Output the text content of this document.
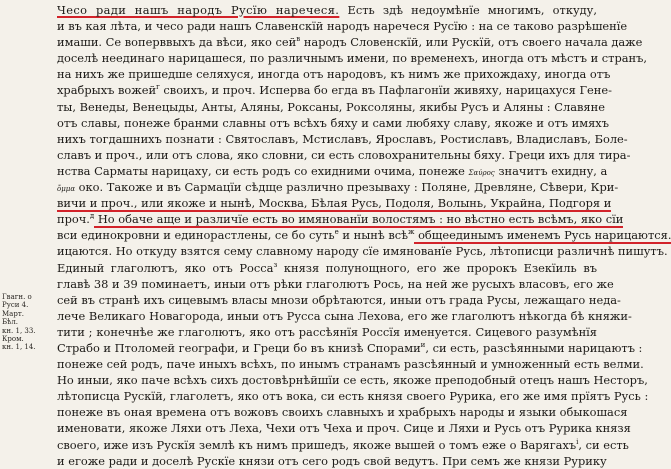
Гвагн. о
Руси 4.
Март.
Бѣл.
кн. 1, 33.
Кром.
кн. 1, 14.
Чесо ради нашъ народъ Русїю наречеся. Есть здѣ недоумѣнїе многимъ, откуду,
и въ кая лѣта, и чесо ради нашъ Славенскїй народъ наречеся Русїю : на се таково разрѣшенїе
имаши. Се воперввыхъ да вѣси, яко сей$^в$ народъ Словенскїй, или Рускїй, отъ своего начала даже
доселѣ неединаго нарицашеся, по различнымъ имени, по временехъ, иногда отъ мѣстъ и странъ,
на нихъ же пришедше селяхуся, иногда отъ народовъ, къ нимъ же прихождаху, иногда отъ
храбрыхъ вожей$^г$ своихъ, и проч. Исперва бо егда въ Пафлагонїи живяху, нарицахуся Гене-
ты, Венеды, Венецыды, Анты, Аляны, Роксаны, Роксоляны, якибы Русъ и Аляны : Славяне
отъ славы, понеже бранми славны отъ всѣхъ бяху и сами любяху славу, якоже и отъ имяхъ
нихъ тогдашнихъ познати : Святославъ, Мстиславъ, Ярославъ, Ростиславъ, Владиславъ, Боле-
славъ и проч., или отъ слова, яко словни, си есть словохранительны бяху. Греци ихъ для тира-
нства Сарматы нарицаху, си есть родъ со ехидними очима, понеже Σαύρος значитъ ехидну, а
ὄμμα око. Такоже и въ Сармацїи сѣдще различно презываху : Поляне, Древляне, Сѣвери, Кри-
вичи и проч., или якоже и нынѣ, Москва, Бѣлая Русь, Подоля, Волынь, Украйна, Подгоря и
проч.$^д$ Но обаче аще и различїе есть во имянованїи волостямъ : но вѣстно есть всѣмъ, яко сїи
вси единокровни и единорастлены, се бо суть$^е$ и нынѣ всѣ$^ж$ общеединымъ именемъ Русь нарицаются.
ицаются. Но откуду взятся сему славному народу сїе имянованїе Русь, лѣтописци различнѣ пишутъ.
Единый глаголютъ, яко отъ Росса$^з$ князя полунощного, его же пророкъ Езекїиль въ
главѣ 38 и 39 поминаетъ, иныи отъ рѣки глаголютъ Рось, на ней же русыхъ власовъ, его же
сей въ странѣ ихъ сицевымъ власы мнози обрѣтаются, иныи отъ града Русы, лежащаго неда-
лече Великаго Новагорода, иныи отъ Русса сына Лехова, его же глаголютъ нѣкогда бѣ княжи-
тити ; конечнѣе же глаголютъ, яко отъ рассѣянїя Россїя именуется. Сицевого разумѣнїя
Страбо и Птоломей географи, и Греци бо въ книзѣ Спорами$^и$, си есть, разсѣянными нарицаютъ :
понеже сей родъ, паче иныхъ всѣхъ, по инымъ странамъ разсѣянный и умноженный есть велми.
Но иныи, яко паче всѣхъ сихъ достовѣрнѣйшїи се есть, якоже преподобный отецъ нашъ Несторъ,
лѣтописца Рускїй, глаголетъ, яко отъ вока, си есть князя своего Рурика, его же имя прїятъ Русь :
понеже въ оная времена отъ вожовъ своихъ славныхъ и храбрыхъ народы и языки обыкошася
именовати, якоже Ляхи отъ Леха, Чехи отъ Чеха и проч. Сице и Ляхи и Русь отъ Рурика князя
своего, иже изъ Рускїя землѣ къ нимъ пришедъ, якоже вышей о томъ еже о Варягахъ$^і$, си есть
и егоже ради и доселѣ Рускїе князи отъ сего родъ свой ведутъ. При семъ же князи Рурику
